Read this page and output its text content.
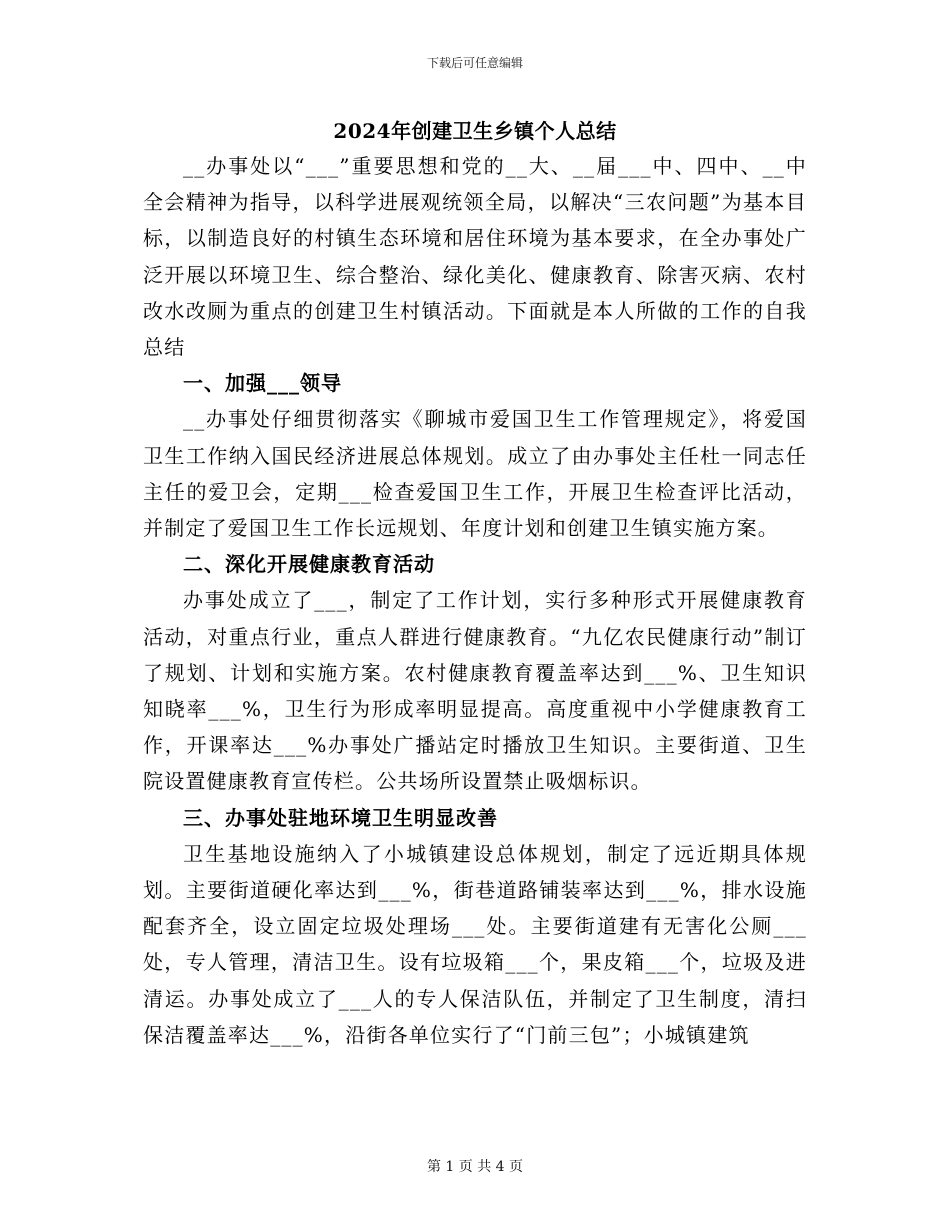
下载后可任意编辑
2024年创建卫生乡镇个人总结

__办事处以“___”重要思想和党的__大、__届___中、四中、__中全会精神为指导，以科学进展观统领全局，以解决“三农问题”为基本目标，以制造良好的村镇生态环境和居住环境为基本要求，在全办事处广泛开展以环境卫生、综合整治、绿化美化、健康教育、除害灭病、农村改水改厕为重点的创建卫生村镇活动。下面就是本人所做的工作的自我总结

一、加强___领导

__办事处仔细贯彻落实《聊城市爱国卫生工作管理规定》，将爱国卫生工作纳入国民经济进展总体规划。成立了由办事处主任杜一同志任主任的爱卫会，定期___检查爱国卫生工作，开展卫生检查评比活动，并制定了爱国卫生工作长远规划、年度计划和创建卫生镇实施方案。

二、深化开展健康教育活动

办事处成立了___，制定了工作计划，实行多种形式开展健康教育活动，对重点行业，重点人群进行健康教育。“九亿农民健康行动”制订了规划、计划和实施方案。农村健康教育覆盖率达到___%、卫生知识知晓率___%，卫生行为形成率明显提高。高度重视中小学健康教育工作，开课率达___%办事处广播站定时播放卫生知识。主要街道、卫生院设置健康教育宣传栏。公共场所设置禁止吸烟标识。

三、办事处驻地环境卫生明显改善

卫生基地设施纳入了小城镇建设总体规划，制定了远近期具体规划。主要街道硬化率达到___%，街巷道路铺装率达到___%，排水设施配套齐全，设立固定垃圾处理场___处。主要街道建有无害化公厕___处，专人管理，清洁卫生。设有垃圾箱___个，果皮箱___个，垃圾及进清运。办事处成立了___人的专人保洁队伍，并制定了卫生制度，清扫保洁覆盖率达___%，沿街各单位实行了“门前三包”；小城镇建筑

第 1 页 共 4 页
